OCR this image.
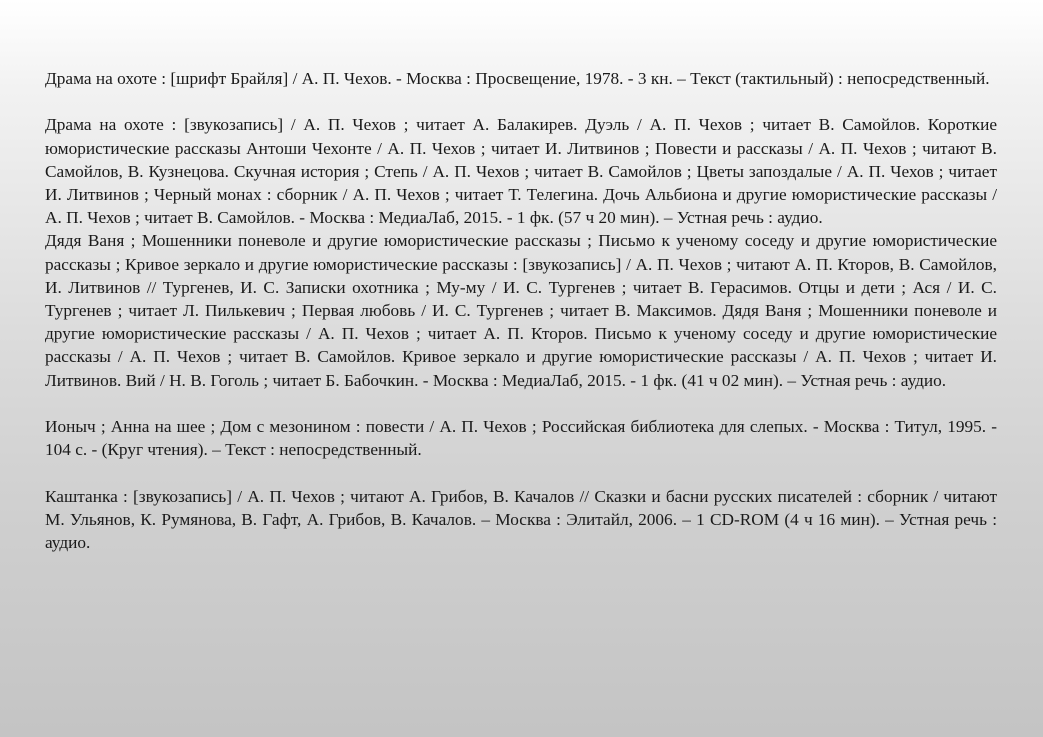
Драма на охоте : [шрифт Брайля] / А. П. Чехов. - Москва : Просвещение, 1978. - 3 кн. – Текст (тактильный) : непосредственный.

Драма на охоте : [звукозапись] / А. П. Чехов ; читает А. Балакирев. Дуэль / А. П. Чехов ; читает В. Самойлов. Короткие юмористические рассказы Антоши Чехонте / А. П. Чехов ; читает И. Литвинов ; Повести и рассказы / А. П. Чехов ; читают В. Самойлов, В. Кузнецова. Скучная история ; Степь / А. П. Чехов ; читает В. Самойлов ; Цветы запоздалые / А. П. Чехов ; читает И. Литвинов ; Черный монах : сборник / А. П. Чехов ; читает Т. Телегина. Дочь Альбиона и другие юмористические рассказы / А. П. Чехов ; читает В. Самойлов. - Москва : МедиаЛаб, 2015. - 1 фк. (57 ч 20 мин). – Устная речь : аудио.

Дядя Ваня ; Мошенники поневоле и другие юмористические рассказы ; Письмо к ученому соседу и другие юмористические рассказы ; Кривое зеркало и другие юмористические рассказы : [звукозапись] / А. П. Чехов ; читают А. П. Кторов, В. Самойлов, И. Литвинов // Тургенев, И. С. Записки охотника ; Му-му / И. С. Тургенев ; читает В. Герасимов. Отцы и дети ; Ася / И. С. Тургенев ; читает Л. Пилькевич ; Первая любовь / И. С. Тургенев ; читает В. Максимов. Дядя Ваня ; Мошенники поневоле и другие юмористические рассказы / А. П. Чехов ; читает А. П. Кторов. Письмо к ученому соседу и другие юмористические рассказы / А. П. Чехов ; читает В. Самойлов. Кривое зеркало и другие юмористические рассказы / А. П. Чехов ; читает И. Литвинов. Вий / Н. В. Гоголь ; читает Б. Бабочкин. - Москва : МедиаЛаб, 2015. - 1 фк. (41 ч 02 мин). – Устная речь : аудио.

Ионыч ; Анна на шее ; Дом с мезонином : повести / А. П. Чехов ; Российская библиотека для слепых. - Москва : Титул, 1995. - 104 с. - (Круг чтения). – Текст : непосредственный.

Каштанка : [звукозапись] / А. П. Чехов ; читают А. Грибов, В. Качалов // Сказки и басни русских писателей : сборник / читают М. Ульянов, К. Румянова, В. Гафт, А. Грибов, В. Качалов. – Москва : Элитайл, 2006. – 1 CD-ROM (4 ч 16 мин). – Устная речь : аудио.
